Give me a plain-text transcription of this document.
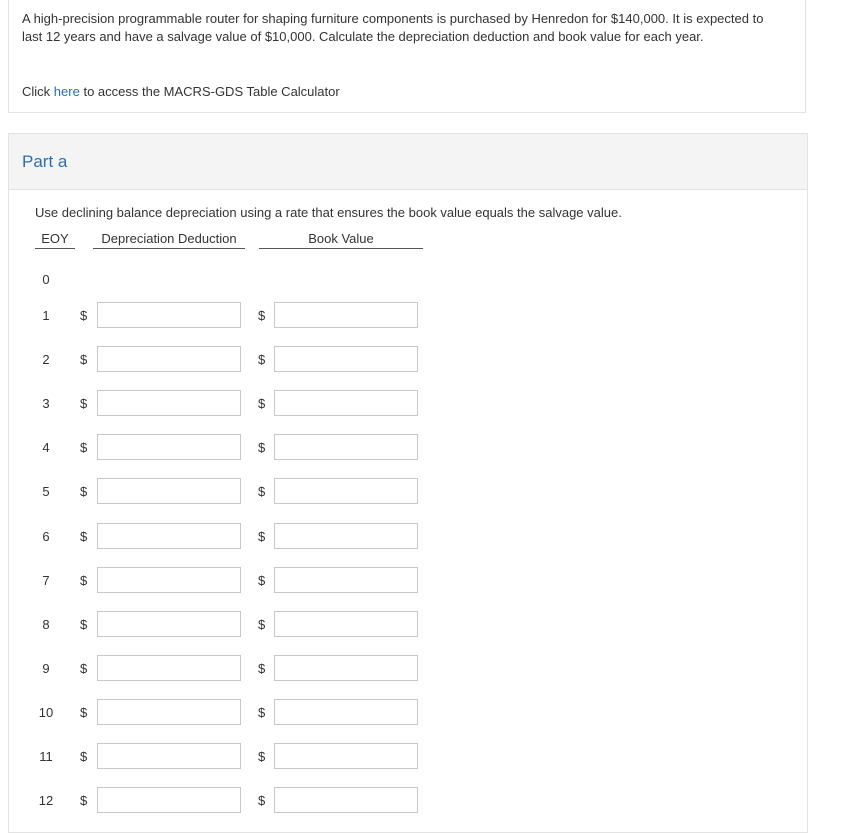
A high-precision programmable router for shaping furniture components is purchased by Henredon for $140,000. It is expected to last 12 years and have a salvage value of $10,000. Calculate the depreciation deduction and book value for each year.
Click here to access the MACRS-GDS Table Calculator
Part a
Use declining balance depreciation using a rate that ensures the book value equals the salvage value.
EOY	Depreciation Deduction	Book Value
0
1	$	$
2	$	$
3	$	$
4	$	$
5	$	$
6	$	$
7	$	$
8	$	$
9	$	$
10	$	$
11	$	$
12	$	$
